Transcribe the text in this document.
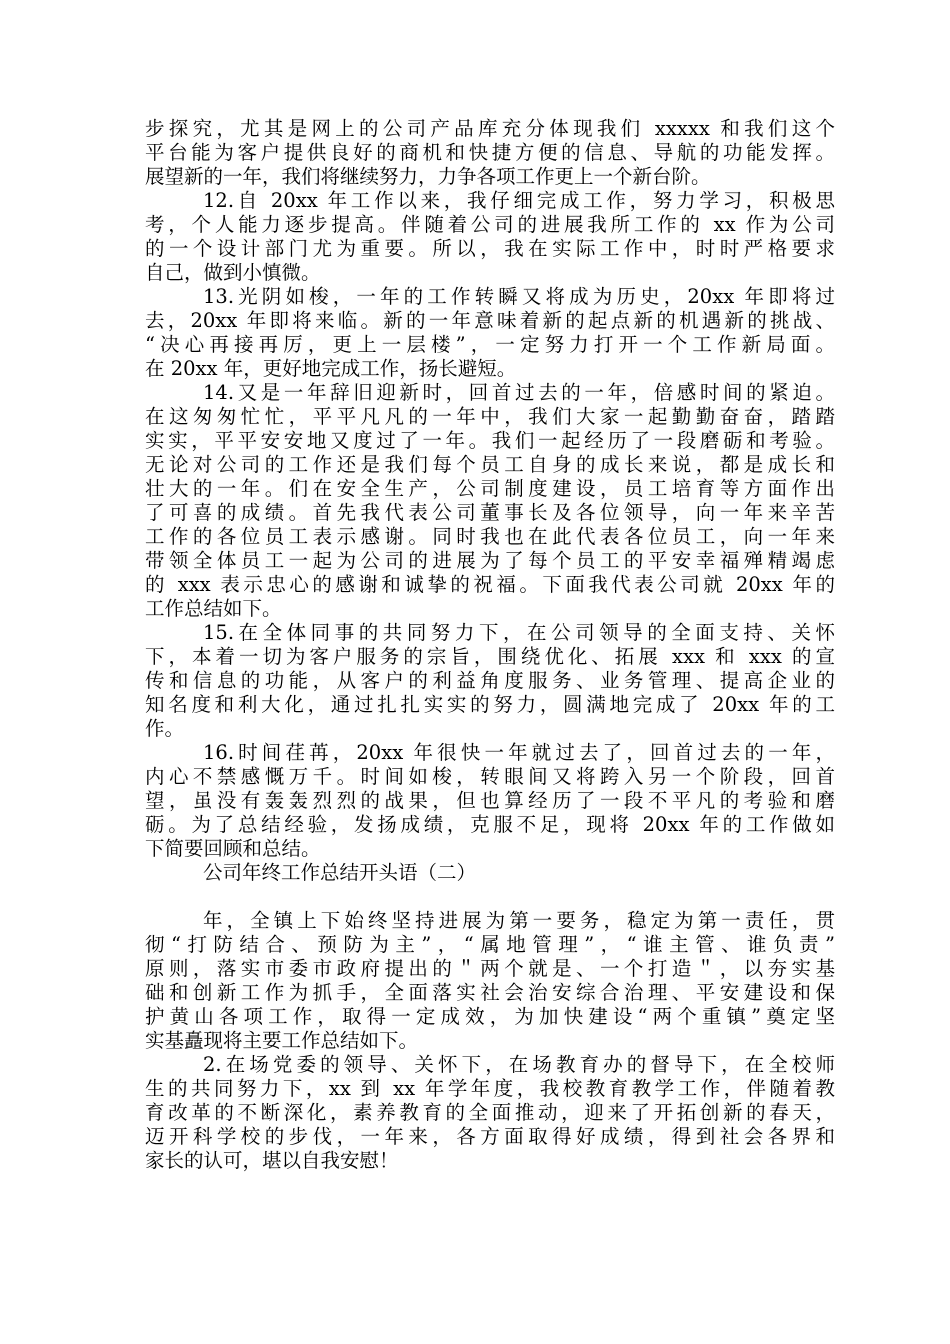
步探究，尤其是网上的公司产品库充分体现我们 xxxxx 和我们这个
平台能为客户提供良好的商机和快捷方便的信息、导航的功能发挥。
展望新的一年，我们将继续努力，力争各项工作更上一个新台阶。
12.自 20xx 年工作以来，我仔细完成工作，努力学习，积极思
考，个人能力逐步提高。伴随着公司的进展我所工作的 xx 作为公司
的一个设计部门尤为重要。所以，我在实际工作中，时时严格要求
自己，做到小慎微。
13.光阴如梭，一年的工作转瞬又将成为历史，20xx 年即将过
去，20xx 年即将来临。新的一年意味着新的起点新的机遇新的挑战、
“决心再接再厉，更上一层楼”，一定努力打开一个工作新局面。
在 20xx 年，更好地完成工作，扬长避短。
14.又是一年辞旧迎新时，回首过去的一年，倍感时间的紧迫。
在这匆匆忙忙，平平凡凡的一年中，我们大家一起勤勤奋奋，踏踏
实实，平平安安地又度过了一年。我们一起经历了一段磨砺和考验。
无论对公司的工作还是我们每个员工自身的成长来说，都是成长和
壮大的一年。们在安全生产，公司制度建设，员工培育等方面作出
了可喜的成绩。首先我代表公司董事长及各位领导，向一年来辛苦
工作的各位员工表示感谢。同时我也在此代表各位员工，向一年来
带领全体员工一起为公司的进展为了每个员工的平安幸福殚精竭虑
的 xxx 表示忠心的感谢和诚挚的祝福。下面我代表公司就 20xx 年的
工作总结如下。
15.在全体同事的共同努力下，在公司领导的全面支持、关怀
下，本着一切为客户服务的宗旨，围绕优化、拓展 xxx 和 xxx 的宣
传和信息的功能，从客户的利益角度服务、业务管理、提高企业的
知名度和利大化，通过扎扎实实的努力，圆满地完成了 20xx 年的工
作。
16.时间荏苒，20xx 年很快一年就过去了，回首过去的一年，
内心不禁感慨万千。时间如梭，转眼间又将跨入另一个阶段，回首
望，虽没有轰轰烈烈的战果，但也算经历了一段不平凡的考验和磨
砺。为了总结经验，发扬成绩，克服不足，现将 20xx 年的工作做如
下简要回顾和总结。
公司年终工作总结开头语（二）
年，全镇上下始终坚持进展为第一要务，稳定为第一责任，贯
彻“打防结合、预防为主”，“属地管理”，“谁主管、谁负责”
原则，落实市委市政府提出的＂两个就是、一个打造＂，以夯实基
础和创新工作为抓手，全面落实社会治安综合治理、平安建设和保
护黄山各项工作，取得一定成效，为加快建设“两个重镇”奠定坚
实基矗现将主要工作总结如下。
2.在场党委的领导、关怀下，在场教育办的督导下，在全校师
生的共同努力下，xx 到 xx 年学年度，我校教育教学工作，伴随着教
育改革的不断深化，素养教育的全面推动，迎来了开拓创新的春天，
迈开科学校的步伐，一年来，各方面取得好成绩，得到社会各界和
家长的认可，堪以自我安慰！
